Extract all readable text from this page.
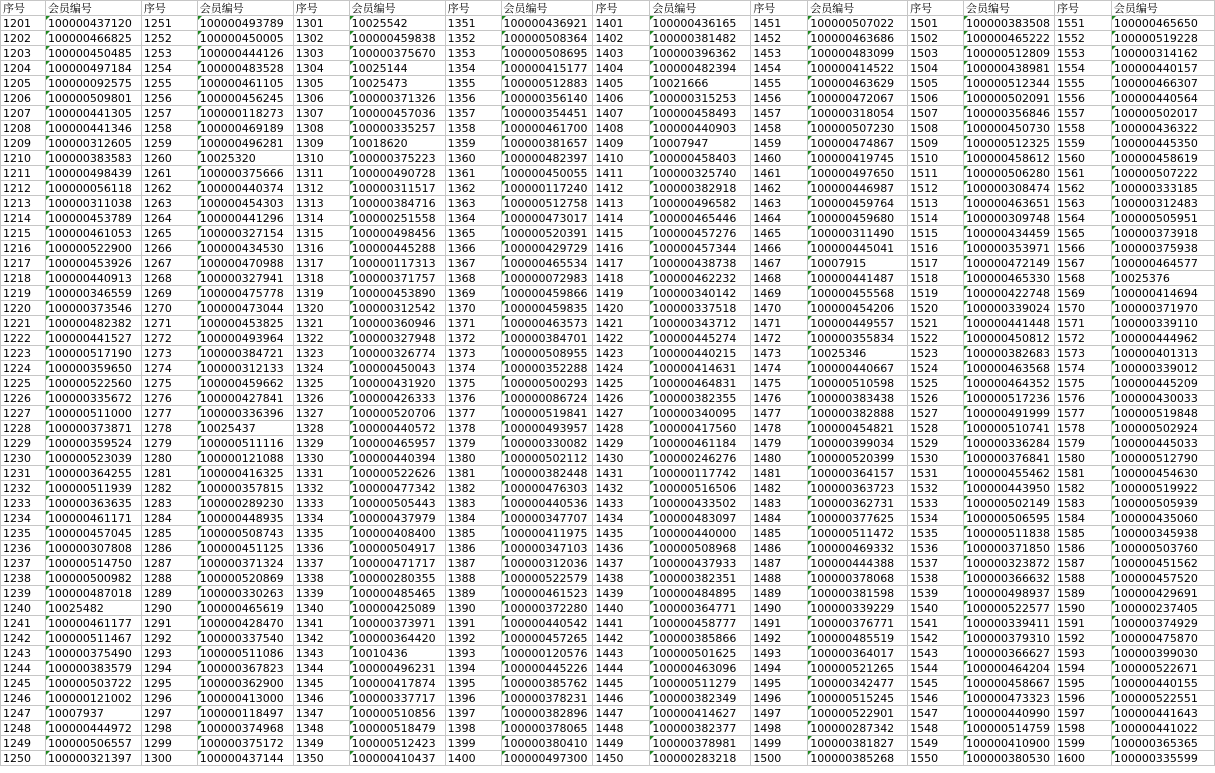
序号	会员编号	序号	会员编号	序号	会员编号	序号	会员编号	序号	会员编号	序号	会员编号	序号	会员编号	序号	会员编号
1201	100000437120	1251	100000493789	1301	10025542	1351	100000436921	1401	100000436165	1451	100000507022	1501	100000383508	1551	100000465650
1202	100000466825	1252	100000450005	1302	100000459838	1352	100000508364	1402	100000381482	1452	100000463686	1502	100000465222	1552	100000519228
1203	100000450485	1253	100000444126	1303	100000375670	1353	100000508695	1403	100000396362	1453	100000483099	1503	100000512809	1553	100000314162
1204	100000497184	1254	100000483528	1304	10025144	1354	100000415177	1404	100000482394	1454	100000414522	1504	100000438981	1554	100000440157
1205	100000092575	1255	100000461105	1305	10025473	1355	100000512883	1405	10021666	1455	100000463629	1505	100000512344	1555	100000466307
1206	100000509801	1256	100000456245	1306	100000371326	1356	100000356140	1406	100000315253	1456	100000472067	1506	100000502091	1556	100000440564
1207	100000441305	1257	100000118273	1307	100000457036	1357	100000354451	1407	100000458493	1457	100000318054	1507	100000356846	1557	100000502017
1208	100000441346	1258	100000469189	1308	100000335257	1358	100000461700	1408	100000440903	1458	100000507230	1508	100000450730	1558	100000436322
1209	100000312605	1259	100000496281	1309	10018620	1359	100000381657	1409	10007947	1459	100000474867	1509	100000512325	1559	100000445350
1210	100000383583	1260	10025320	1310	100000375223	1360	100000482397	1410	100000458403	1460	100000419745	1510	100000458612	1560	100000458619
1211	100000498439	1261	100000375666	1311	100000490728	1361	100000450055	1411	100000325740	1461	100000497650	1511	100000506280	1561	100000507222
1212	100000056118	1262	100000440374	1312	100000311517	1362	100000117240	1412	100000382918	1462	100000446987	1512	100000308474	1562	100000333185
1213	100000311038	1263	100000454303	1313	100000384716	1363	100000512758	1413	100000496582	1463	100000459764	1513	100000463651	1563	100000312483
1214	100000453789	1264	100000441296	1314	100000251558	1364	100000473017	1414	100000465446	1464	100000459680	1514	100000309748	1564	100000505951
1215	100000461053	1265	100000327154	1315	100000498456	1365	100000520391	1415	100000457276	1465	100000311490	1515	100000434459	1565	100000373918
1216	100000522900	1266	100000434530	1316	100000445288	1366	100000429729	1416	100000457344	1466	100000445041	1516	100000353971	1566	100000375938
1217	100000453926	1267	100000470988	1317	100000117313	1367	100000465534	1417	100000438738	1467	10007915	1517	100000472149	1567	100000464577
1218	100000440913	1268	100000327941	1318	100000371757	1368	100000072983	1418	100000462232	1468	100000441487	1518	100000465330	1568	10025376
1219	100000346559	1269	100000475778	1319	100000453890	1369	100000459866	1419	100000340142	1469	100000455568	1519	100000422748	1569	100000414694
1220	100000373546	1270	100000473044	1320	100000312542	1370	100000459835	1420	100000337518	1470	100000454206	1520	100000339024	1570	100000371970
1221	100000482382	1271	100000453825	1321	100000360946	1371	100000463573	1421	100000343712	1471	100000449557	1521	100000441448	1571	100000339110
1222	100000441527	1272	100000493964	1322	100000327948	1372	100000384701	1422	100000445274	1472	100000355834	1522	100000450812	1572	100000444962
1223	100000517190	1273	100000384721	1323	100000326774	1373	100000508955	1423	100000440215	1473	10025346	1523	100000382683	1573	100000401313
1224	100000359650	1274	100000312133	1324	100000450043	1374	100000352288	1424	100000414631	1474	100000440667	1524	100000463568	1574	100000339012
1225	100000522560	1275	100000459662	1325	100000431920	1375	100000500293	1425	100000464831	1475	100000510598	1525	100000464352	1575	100000445209
1226	100000335672	1276	100000427841	1326	100000426333	1376	100000086724	1426	100000382355	1476	100000383438	1526	100000517236	1576	100000430033
1227	100000511000	1277	100000336396	1327	100000520706	1377	100000519841	1427	100000340095	1477	100000382888	1527	100000491999	1577	100000519848
1228	100000373871	1278	10025437	1328	100000440572	1378	100000493957	1428	100000417560	1478	100000454821	1528	100000510741	1578	100000502924
1229	100000359524	1279	100000511116	1329	100000465957	1379	100000330082	1429	100000461184	1479	100000399034	1529	100000336284	1579	100000445033
1230	100000523039	1280	100000121088	1330	100000440394	1380	100000502112	1430	100000246276	1480	100000520399	1530	100000376841	1580	100000512790
1231	100000364255	1281	100000416325	1331	100000522626	1381	100000382448	1431	100000117742	1481	100000364157	1531	100000455462	1581	100000454630
1232	100000511939	1282	100000357815	1332	100000477342	1382	100000476303	1432	100000516506	1482	100000363723	1532	100000443950	1582	100000519922
1233	100000363635	1283	100000289230	1333	100000505443	1383	100000440536	1433	100000433502	1483	100000362731	1533	100000502149	1583	100000505939
1234	100000461171	1284	100000448935	1334	100000437979	1384	100000347707	1434	100000483097	1484	100000377625	1534	100000506595	1584	100000435060
1235	100000457045	1285	100000508743	1335	100000408400	1385	100000411975	1435	100000440000	1485	100000511472	1535	100000511838	1585	100000345938
1236	100000307808	1286	100000451125	1336	100000504917	1386	100000347103	1436	100000508968	1486	100000469332	1536	100000371850	1586	100000503760
1237	100000514750	1287	100000371324	1337	100000471717	1387	100000312036	1437	100000437933	1487	100000444388	1537	100000323872	1587	100000451562
1238	100000500982	1288	100000520869	1338	100000280355	1388	100000522579	1438	100000382351	1488	100000378068	1538	100000366632	1588	100000457520
1239	100000487018	1289	100000330263	1339	100000485465	1389	100000461523	1439	100000484895	1489	100000381598	1539	100000498937	1589	100000429691
1240	10025482	1290	100000465619	1340	100000425089	1390	100000372280	1440	100000364771	1490	100000339229	1540	100000522577	1590	100000237405
1241	100000461177	1291	100000428470	1341	100000373971	1391	100000440542	1441	100000458777	1491	100000376771	1541	100000339411	1591	100000374929
1242	100000511467	1292	100000337540	1342	100000364420	1392	100000457265	1442	100000385866	1492	100000485519	1542	100000379310	1592	100000475870
1243	100000375490	1293	100000511086	1343	10010436	1393	100000120576	1443	100000501625	1493	100000364017	1543	100000366627	1593	100000399030
1244	100000383579	1294	100000367823	1344	100000496231	1394	100000445226	1444	100000463096	1494	100000521265	1544	100000464204	1594	100000522671
1245	100000503722	1295	100000362900	1345	100000417874	1395	100000385762	1445	100000511279	1495	100000342477	1545	100000458667	1595	100000440155
1246	100000121002	1296	100000413000	1346	100000337717	1396	100000378231	1446	100000382349	1496	100000515245	1546	100000473323	1596	100000522551
1247	10007937	1297	100000118497	1347	100000510856	1397	100000382896	1447	100000414627	1497	100000522901	1547	100000440990	1597	100000441643
1248	100000444972	1298	100000374968	1348	100000518479	1398	100000378065	1448	100000382377	1498	100000287342	1548	100000514759	1598	100000441022
1249	100000506557	1299	100000375172	1349	100000512423	1399	100000380410	1449	100000378981	1499	100000381827	1549	100000410900	1599	100000365365
1250	100000321397	1300	100000437144	1350	100000410437	1400	100000497300	1450	100000283218	1500	100000385268	1550	100000380530	1600	100000335599
